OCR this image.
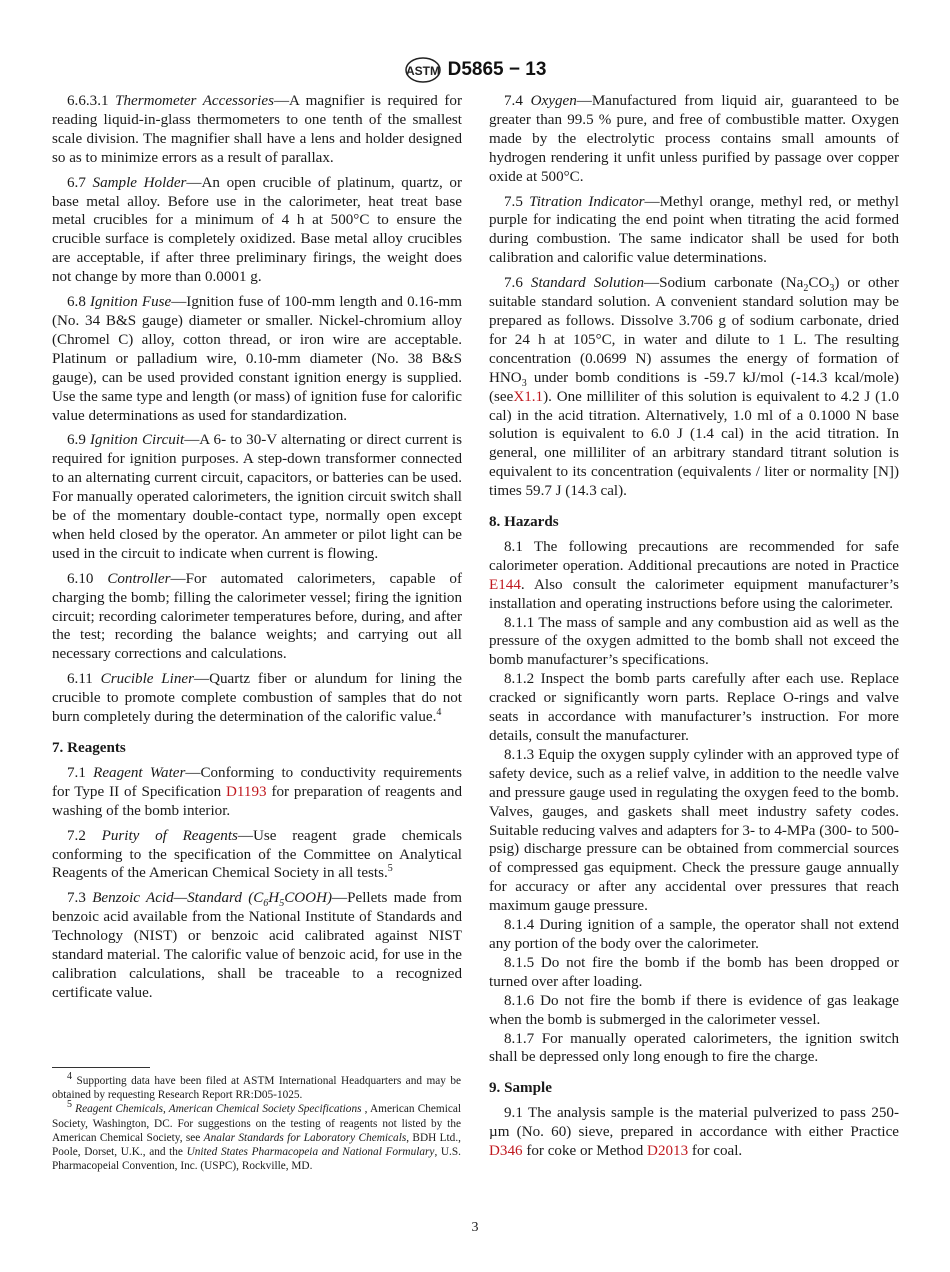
ASTM D5865 − 13

6.6.3.1 Thermometer Accessories—A magnifier is required for reading liquid-in-glass thermometers to one tenth of the smallest scale division. The magnifier shall have a lens and holder designed so as to minimize errors as a result of parallax.

6.7 Sample Holder—An open crucible of platinum, quartz, or base metal alloy. Before use in the calorimeter, heat treat base metal crucibles for a minimum of 4 h at 500°C to ensure the crucible surface is completely oxidized. Base metal alloy crucibles are acceptable, if after three preliminary firings, the weight does not change by more than 0.0001 g.

6.8 Ignition Fuse—Ignition fuse of 100-mm length and 0.16-mm (No. 34 B&S gauge) diameter or smaller. Nickel-chromium alloy (Chromel C) alloy, cotton thread, or iron wire are acceptable. Platinum or palladium wire, 0.10-mm diameter (No. 38 B&S gauge), can be used provided constant ignition energy is supplied. Use the same type and length (or mass) of ignition fuse for calorific value determinations as used for standardization.

6.9 Ignition Circuit—A 6- to 30-V alternating or direct current is required for ignition purposes. A step-down transformer connected to an alternating current circuit, capacitors, or batteries can be used. For manually operated calorimeters, the ignition circuit switch shall be of the momentary double-contact type, normally open except when held closed by the operator. An ammeter or pilot light can be used in the circuit to indicate when current is flowing.

6.10 Controller—For automated calorimeters, capable of charging the bomb; filling the calorimeter vessel; firing the ignition circuit; recording calorimeter temperatures before, during, and after the test; recording the balance weights; and carrying out all necessary corrections and calculations.

6.11 Crucible Liner—Quartz fiber or alundum for lining the crucible to promote complete combustion of samples that do not burn completely during the determination of the calorific value.$^4$

7. Reagents

7.1 Reagent Water—Conforming to conductivity requirements for Type II of Specification D1193 for preparation of reagents and washing of the bomb interior.

7.2 Purity of Reagents—Use reagent grade chemicals conforming to the specification of the Committee on Analytical Reagents of the American Chemical Society in all tests.$^5$

7.3 Benzoic Acid—Standard $(C_6H_5COOH)—Pellets$ made from benzoic acid available from the National Institute of Standards and Technology (NIST) or benzoic acid calibrated against NIST standard material. The calorific value of benzoic acid, for use in the calibration calculations, shall be traceable to a recognized certificate value.

7.4 Oxygen—Manufactured from liquid air, guaranteed to be greater than 99.5 % pure, and free of combustible matter. Oxygen made by the electrolytic process contains small amounts of hydrogen rendering it unfit unless purified by passage over copper oxide at 500°C.

7.5 Titration Indicator—Methyl orange, methyl red, or methyl purple for indicating the end point when titrating the acid formed during combustion. The same indicator shall be used for both calibration and calorific value determinations.

7.6 Standard Solution—Sodium carbonate $(Na_2CO_3)$ or other suitable standard solution. A convenient standard solution may be prepared as follows. Dissolve 3.706 g of sodium carbonate, dried for 24 h at 105°C, in water and dilute to 1 L. The resulting concentration (0.0699 N) assumes the energy of formation of $HNO_3$ under bomb conditions is -59.7 kJ/mol (-14.3 kcal/mole) (seeX1.1). One milliliter of this solution is equivalent to 4.2 J (1.0 cal) in the acid titration. Alternatively, 1.0 ml of a 0.1000 N base solution is equivalent to 6.0 J (1.4 cal) in the acid titration. In general, one milliliter of an arbitrary standard titrant solution is equivalent to its concentration (equivalents / liter or normality [N]) times 59.7 J (14.3 cal).

8. Hazards

8.1 The following precautions are recommended for safe calorimeter operation. Additional precautions are noted in Practice E144. Also consult the calorimeter equipment manufacturer’s installation and operating instructions before using the calorimeter.

8.1.1 The mass of sample and any combustion aid as well as the pressure of the oxygen admitted to the bomb shall not exceed the bomb manufacturer’s specifications.

8.1.2 Inspect the bomb parts carefully after each use. Replace cracked or significantly worn parts. Replace O-rings and valve seats in accordance with manufacturer’s instruction. For more details, consult the manufacturer.

8.1.3 Equip the oxygen supply cylinder with an approved type of safety device, such as a relief valve, in addition to the needle valve and pressure gauge used in regulating the oxygen feed to the bomb. Valves, gauges, and gaskets shall meet industry safety codes. Suitable reducing valves and adapters for 3- to 4-MPa (300- to 500-psig) discharge pressure can be obtained from commercial sources of compressed gas equipment. Check the pressure gauge annually for accuracy or after any accidental over pressures that reach maximum gauge pressure.

8.1.4 During ignition of a sample, the operator shall not extend any portion of the body over the calorimeter.

8.1.5 Do not fire the bomb if the bomb has been dropped or turned over after loading.

8.1.6 Do not fire the bomb if there is evidence of gas leakage when the bomb is submerged in the calorimeter vessel.

8.1.7 For manually operated calorimeters, the ignition switch shall be depressed only long enough to fire the charge.

9. Sample

9.1 The analysis sample is the material pulverized to pass 250-µm (No. 60) sieve, prepared in accordance with either Practice D346 for coke or Method D2013 for coal.

$^4$ Supporting data have been filed at ASTM International Headquarters and may be obtained by requesting Research Report RR:D05-1025.

$^5$ Reagent Chemicals, American Chemical Society Specifications , American Chemical Society, Washington, DC. For suggestions on the testing of reagents not listed by the American Chemical Society, see Analar Standards for Laboratory Chemicals, BDH Ltd., Poole, Dorset, U.K., and the United States Pharmacopeia and National Formulary, U.S. Pharmacopeial Convention, Inc. (USPC), Rockville, MD.

3
